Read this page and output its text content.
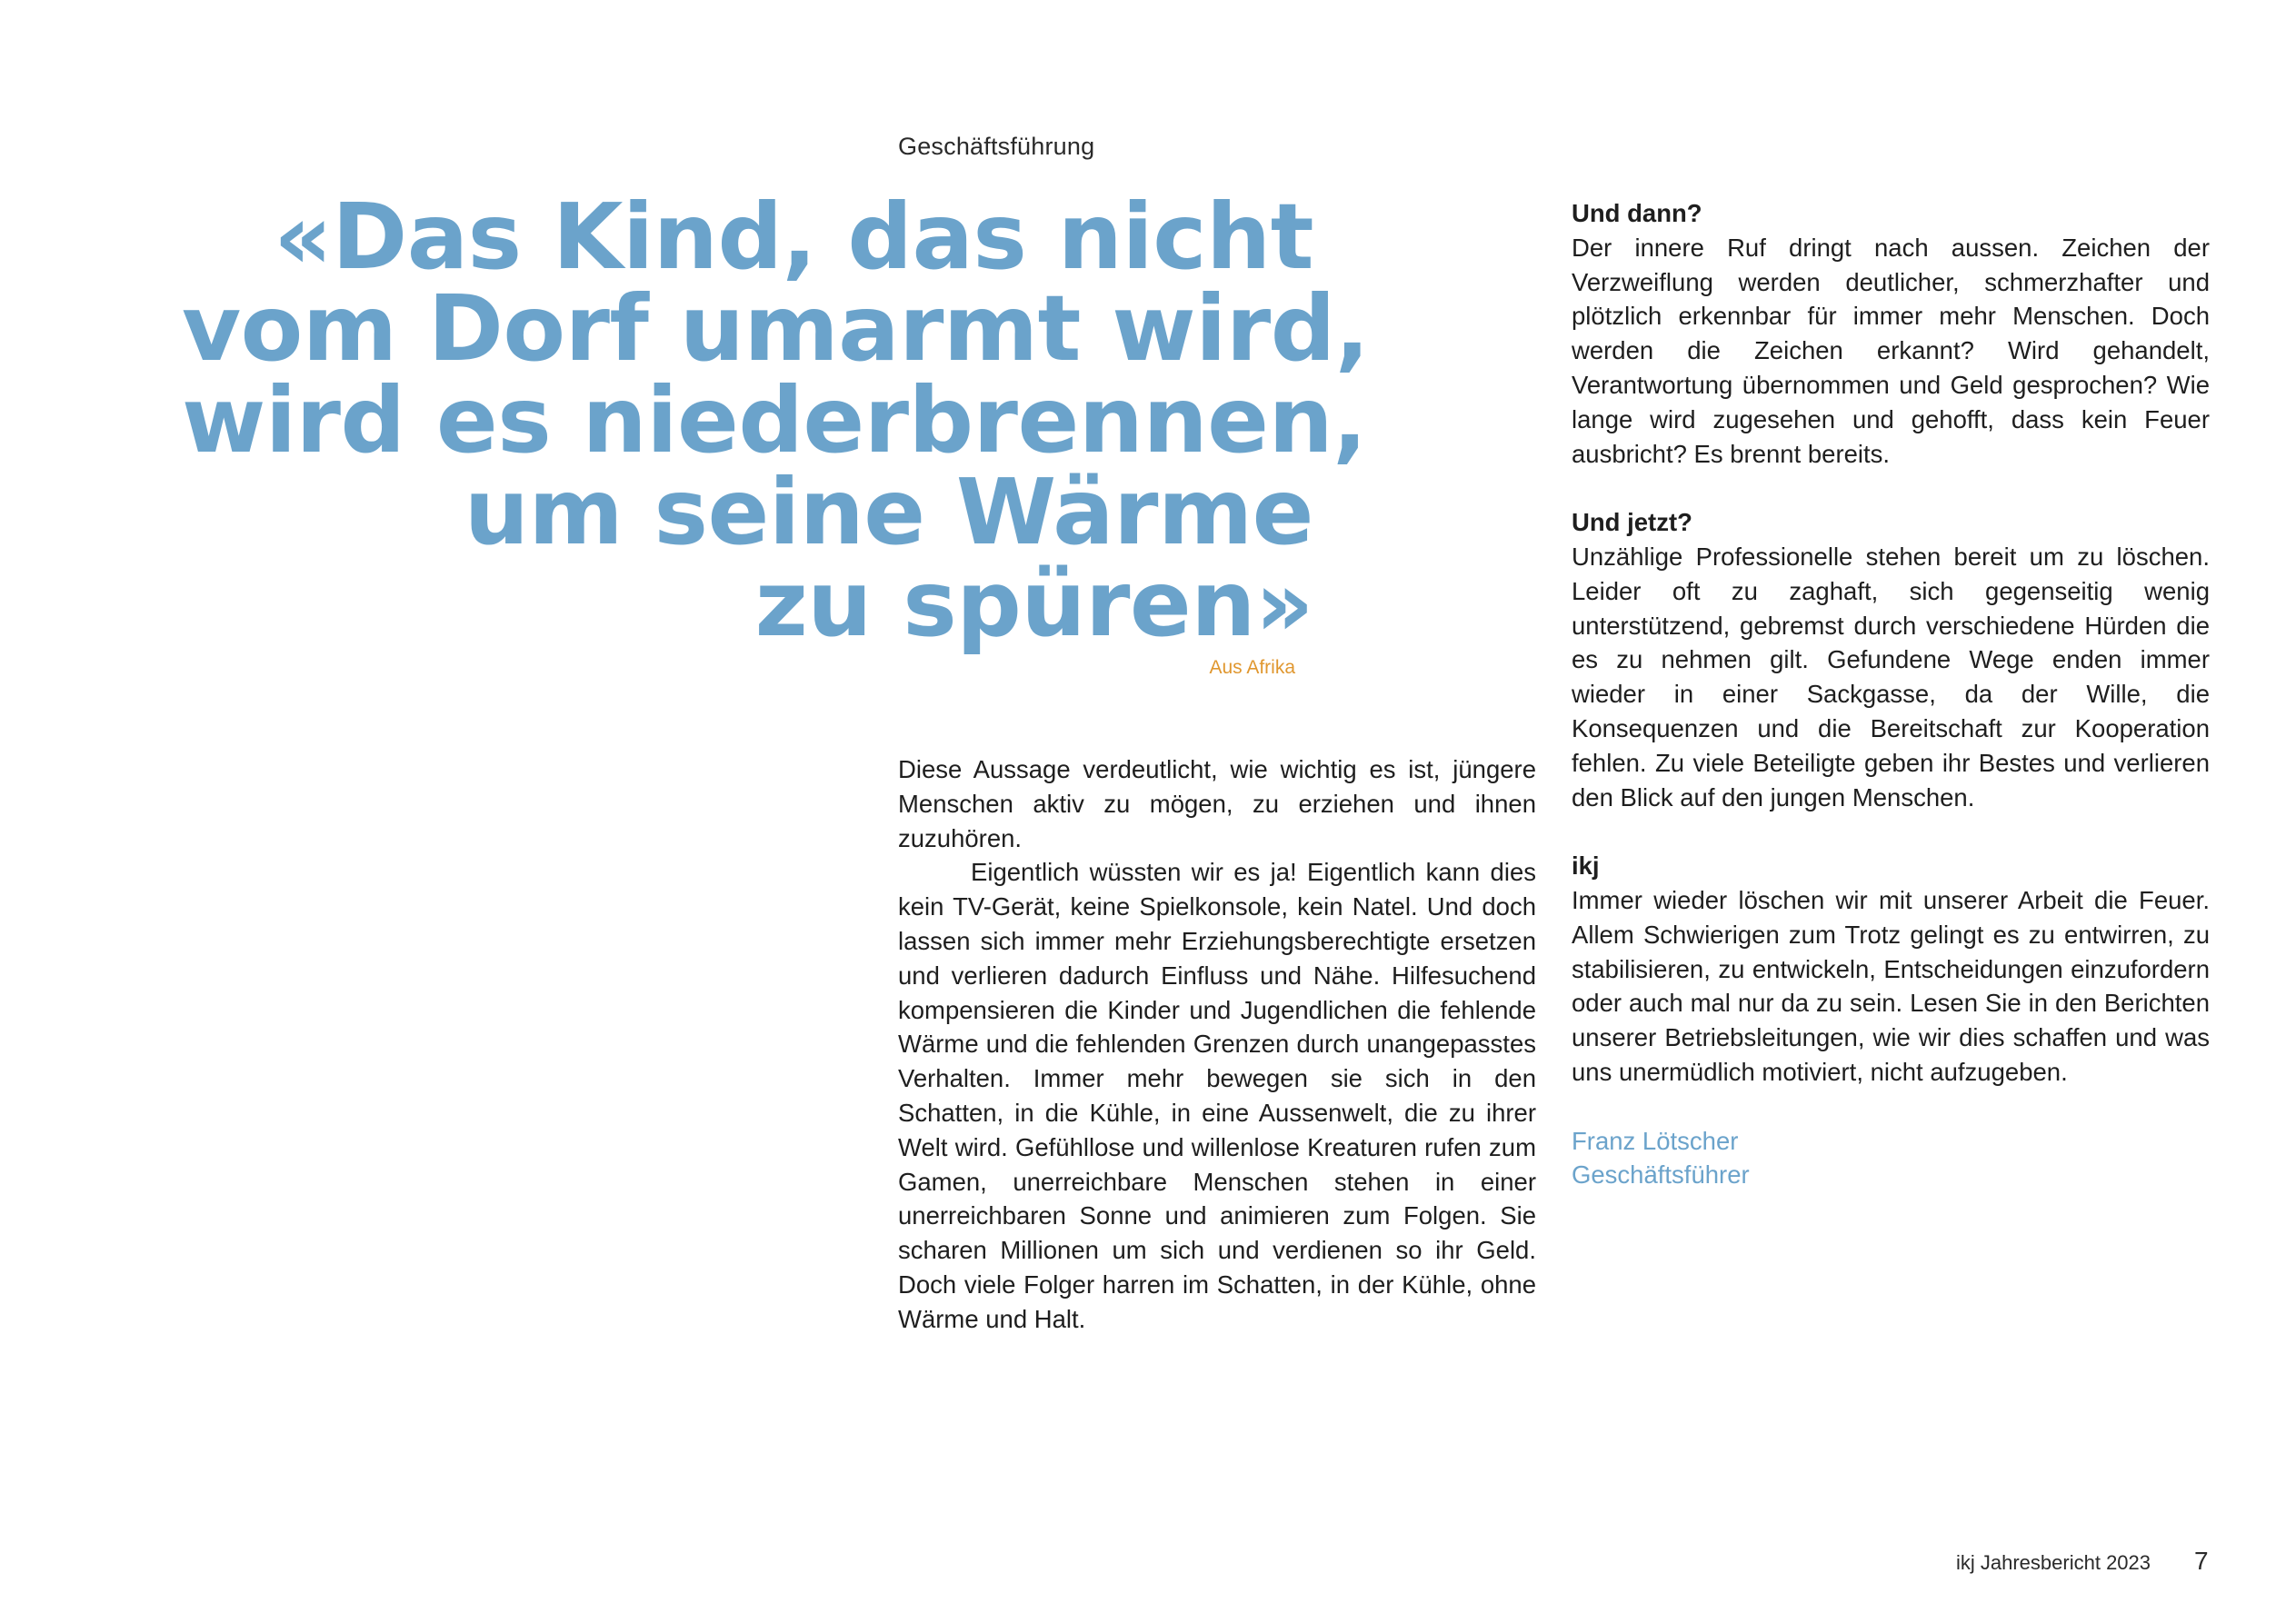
Geschäftsführung
«Das Kind, das nicht
vom Dorf umarmt wird,
wird es niederbrennen,
um seine Wärme
zu spüren»
Aus Afrika

Diese Aussage verdeutlicht, wie wichtig es ist, jüngere Menschen aktiv zu mögen, zu erziehen und ihnen zuzuhören.

Eigentlich wüssten wir es ja! Eigentlich kann dies kein TV-Gerät, keine Spielkonsole, kein Natel. Und doch lassen sich immer mehr Erziehungsberechtigte ersetzen und verlieren dadurch Einfluss und Nähe. Hilfesuchend kompensieren die Kinder und Jugendlichen die fehlende Wärme und die fehlenden Grenzen durch unangepasstes Verhalten. Immer mehr bewegen sie sich in den Schatten, in die Kühle, in eine Aussenwelt, die zu ihrer Welt wird. Gefühllose und willenlose Kreaturen rufen zum Gamen, unerreichbare Menschen stehen in einer unerreichbaren Sonne und animieren zum Folgen. Sie scharen Millionen um sich und verdienen so ihr Geld. Doch viele Folger harren im Schatten, in der Kühle, ohne Wärme und Halt.

Und dann?

Der innere Ruf dringt nach aussen. Zeichen der Verzweiflung werden deutlicher, schmerzhafter und plötzlich erkennbar für immer mehr Menschen. Doch werden die Zeichen erkannt? Wird gehandelt, Verantwortung übernommen und Geld gesprochen? Wie lange wird zugesehen und gehofft, dass kein Feuer ausbricht? Es brennt bereits.

Und jetzt?

Unzählige Professionelle stehen bereit um zu löschen. Leider oft zu zaghaft, sich gegenseitig wenig unterstützend, gebremst durch verschiedene Hürden die es zu nehmen gilt. Gefundene Wege enden immer wieder in einer Sackgasse, da der Wille, die Konsequenzen und die Bereitschaft zur Kooperation fehlen. Zu viele Beteiligte geben ihr Bestes und verlieren den Blick auf den jungen Menschen.

ikj

Immer wieder löschen wir mit unserer Arbeit die Feuer. Allem Schwierigen zum Trotz gelingt es zu entwirren, zu stabilisieren, zu entwickeln, Entscheidungen einzufordern oder auch mal nur da zu sein. Lesen Sie in den Berichten unserer Betriebsleitungen, wie wir dies schaffen und was uns unermüdlich motiviert, nicht aufzugeben.

Franz Lötscher

Geschäftsführer

ikj Jahresbericht 2023 7
